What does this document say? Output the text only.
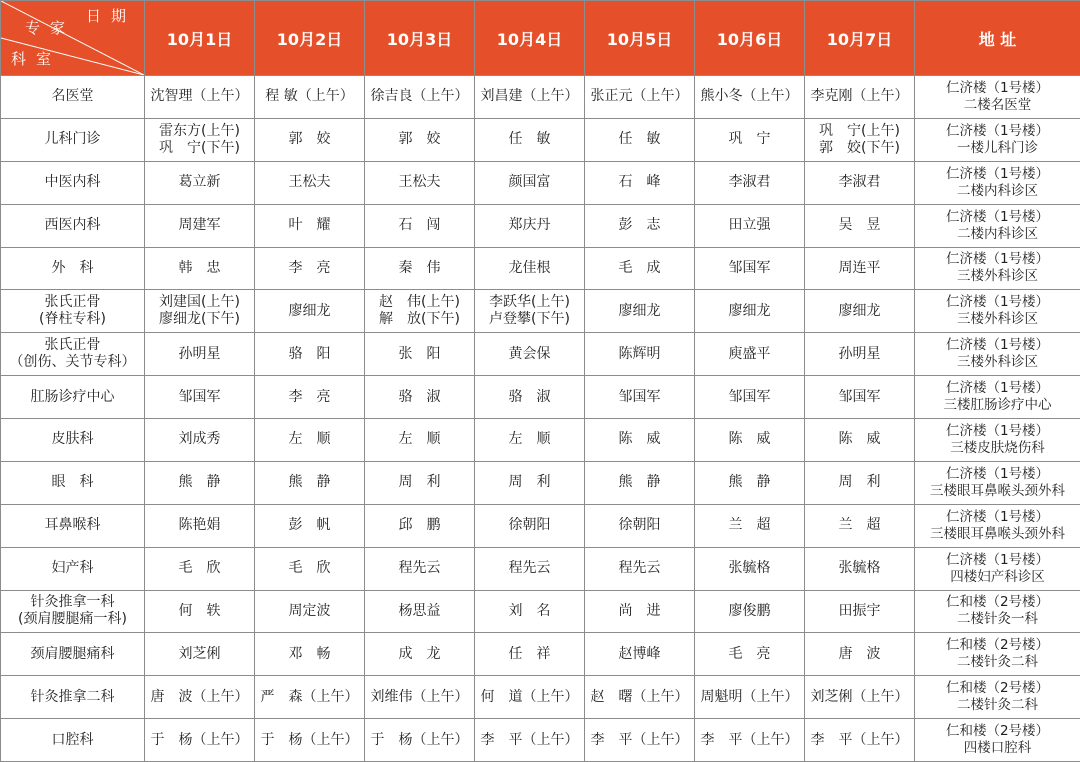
日期
专家
科室	10月1日	10月2日	10月3日	10月4日	10月5日	10月6日	10月7日	地 址

名医堂	沈智理（上午）	程 敏（上午）	徐吉良（上午）	刘昌建（上午）	张正元（上午）	熊小冬（上午）	李克刚（上午）	仁济楼（1号楼）
二楼名医堂

儿科门诊	雷东方(上午)
巩　宁(下午)	郭　姣	郭　姣	任　敏	任　敏	巩　宁	巩　宁(上午)
郭　姣(下午)	仁济楼（1号楼）
一楼儿科门诊

中医内科	葛立新	王松夫	王松夫	颜国富	石　峰	李淑君	李淑君	仁济楼（1号楼）
二楼内科诊区

西医内科	周建军	叶　耀	石　闯	郑庆丹	彭　志	田立强	吴　昱	仁济楼（1号楼）
二楼内科诊区

外　科	韩　忠	李　亮	秦　伟	龙佳根	毛　成	邹国军	周连平	仁济楼（1号楼）
三楼外科诊区

张氏正骨
(脊柱专科)	刘建国(上午)
廖细龙(下午)	廖细龙	赵　伟(上午)
解　放(下午)	李跃华(上午)
卢登攀(下午)	廖细龙	廖细龙	廖细龙	仁济楼（1号楼）
三楼外科诊区

张氏正骨
（创伤、关节专科）	孙明星	骆　阳	张　阳	黄会保	陈辉明	庾盛平	孙明星	仁济楼（1号楼）
三楼外科诊区

肛肠诊疗中心	邹国军	李　亮	骆　淑	骆　淑	邹国军	邹国军	邹国军	仁济楼（1号楼）
三楼肛肠诊疗中心

皮肤科	刘成秀	左　顺	左　顺	左　顺	陈　威	陈　威	陈　威	仁济楼（1号楼）
三楼皮肤烧伤科

眼　科	熊　静	熊　静	周　利	周　利	熊　静	熊　静	周　利	仁济楼（1号楼）
三楼眼耳鼻喉头颈外科

耳鼻喉科	陈艳娟	彭　帆	邱　鹏	徐朝阳	徐朝阳	兰　超	兰　超	仁济楼（1号楼）
三楼眼耳鼻喉头颈外科

妇产科	毛　欣	毛　欣	程先云	程先云	程先云	张毓格	张毓格	仁济楼（1号楼）
四楼妇产科诊区

针灸推拿一科
(颈肩腰腿痛一科)	何　轶	周定波	杨思益	刘　名	尚　进	廖俊鹏	田振宇	仁和楼（2号楼）
二楼针灸一科

颈肩腰腿痛科	刘芝俐	邓　畅	成　龙	任　祥	赵博峰	毛　亮	唐　波	仁和楼（2号楼）
二楼针灸二科

针灸推拿二科	唐　波（上午）	严　森（上午）	刘维伟（上午）	何　道（上午）	赵　曙（上午）	周魁明（上午）	刘芝俐（上午）	仁和楼（2号楼）
二楼针灸二科

口腔科	于　杨（上午）	于　杨（上午）	于　杨（上午）	李　平（上午）	李　平（上午）	李　平（上午）	李　平（上午）	仁和楼（2号楼）
四楼口腔科
